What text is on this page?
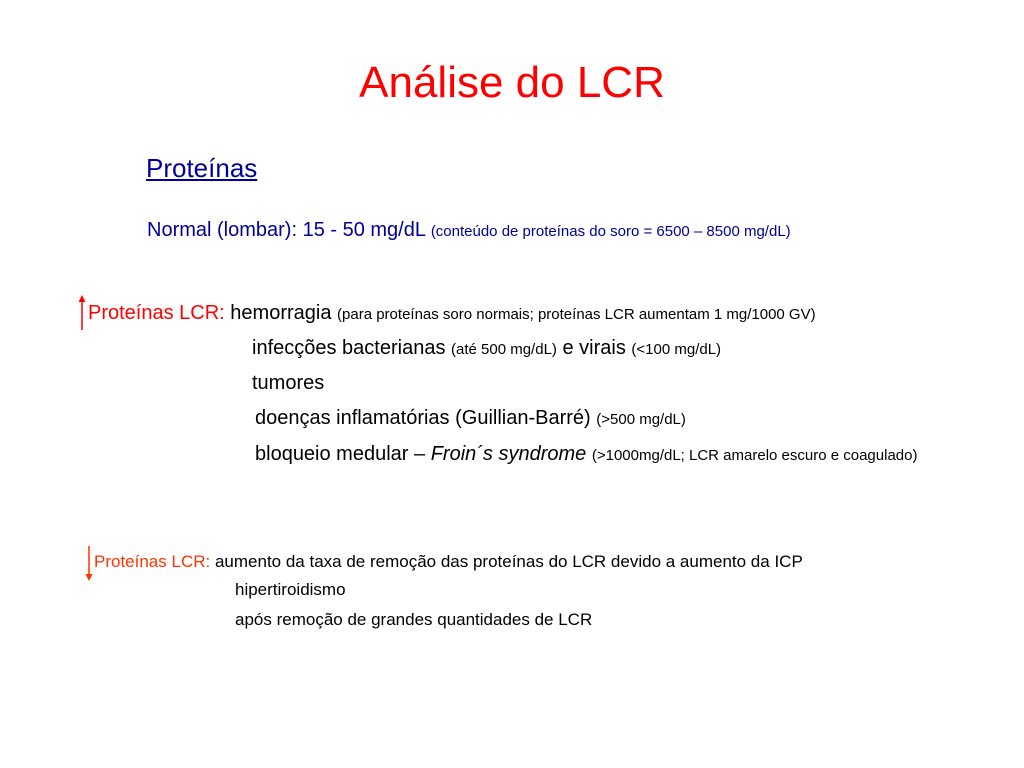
Análise do LCR
Proteínas
Normal (lombar): 15 - 50 mg/dL (conteúdo de proteínas do soro = 6500 – 8500 mg/dL)
Proteínas LCR: hemorragia (para proteínas soro normais; proteínas LCR aumentam 1 mg/1000 GV)
infecções bacterianas (até 500 mg/dL) e virais (<100 mg/dL)
tumores
doenças inflamatórias (Guillian-Barré) (>500 mg/dL)
bloqueio medular – Froin´s syndrome (>1000mg/dL; LCR amarelo escuro e coagulado)
Proteínas LCR: aumento da taxa de remoção das proteínas do LCR devido a aumento da ICP
hipertiroidismo
após remoção de grandes quantidades de LCR
